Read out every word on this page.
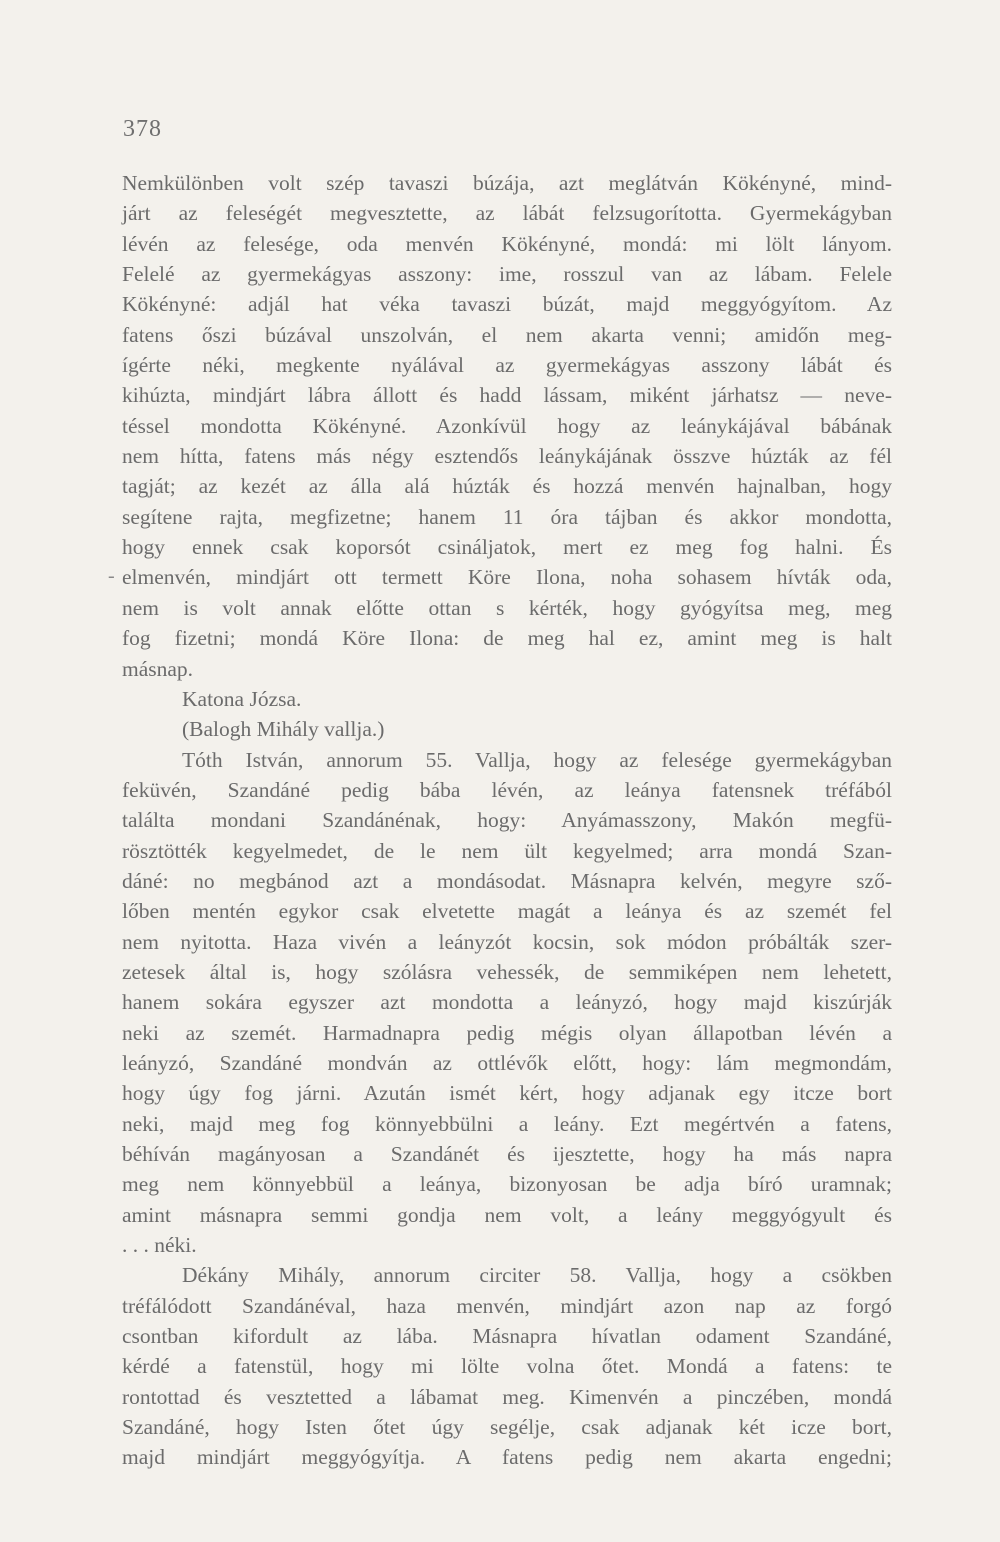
378
-
Nemkülönben volt szép tavaszi búzája, azt meglátván Kökényné, mind-
járt az feleségét megvesztette, az lábát felzsugorította. Gyermekágyban
lévén az felesége, oda menvén Kökényné, mondá: mi lölt lányom.
Felelé az gyermekágyas asszony: ime, rosszul van az lábam. Felele
Kökényné: adjál hat véka tavaszi búzát, majd meggyógyítom. Az
fatens őszi búzával unszolván, el nem akarta venni; amidőn meg-
ígérte néki, megkente nyálával az gyermekágyas asszony lábát és
kihúzta, mindjárt lábra állott és hadd lássam, miként járhatsz — neve-
téssel mondotta Kökényné. Azonkívül hogy az leánykájával bábának
nem hítta, fatens más négy esztendős leánykájának összve húzták az fél
tagját; az kezét az álla alá húzták és hozzá menvén hajnalban, hogy
segítene rajta, megfizetne; hanem 11 óra tájban és akkor mondotta,
hogy ennek csak koporsót csináljatok, mert ez meg fog halni. És
elmenvén, mindjárt ott termett Köre Ilona, noha sohasem hívták oda,
nem is volt annak előtte ottan s kérték, hogy gyógyítsa meg, meg
fog fizetni; mondá Köre Ilona: de meg hal ez, amint meg is halt
másnap.
Katona Józsa.
(Balogh Mihály vallja.)
Tóth István, annorum 55. Vallja, hogy az felesége gyermekágyban
feküvén, Szandáné pedig bába lévén, az leánya fatensnek tréfából
találta mondani Szandánénak, hogy: Anyámasszony, Makón megfü-
rösztötték kegyelmedet, de le nem ült kegyelmed; arra mondá Szan-
dáné: no megbánod azt a mondásodat. Másnapra kelvén, megyre sző-
lőben mentén egykor csak elvetette magát a leánya és az szemét fel
nem nyitotta. Haza vivén a leányzót kocsin, sok módon próbálták szer-
zetesek által is, hogy szólásra vehessék, de semmiképen nem lehetett,
hanem sokára egyszer azt mondotta a leányzó, hogy majd kiszúrják
neki az szemét. Harmadnapra pedig mégis olyan állapotban lévén a
leányzó, Szandáné mondván az ottlévők előtt, hogy: lám megmondám,
hogy úgy fog járni. Azután ismét kért, hogy adjanak egy itcze bort
neki, majd meg fog könnyebbülni a leány. Ezt megértvén a fatens,
béhíván magányosan a Szandánét és ijesztette, hogy ha más napra
meg nem könnyebbül a leánya, bizonyosan be adja bíró uramnak;
amint másnapra semmi gondja nem volt, a leány meggyógyult és
. . . néki.
Dékány Mihály, annorum circiter 58. Vallja, hogy a csökben
tréfálódott Szandánéval, haza menvén, mindjárt azon nap az forgó
csontban kifordult az lába. Másnapra hívatlan odament Szandáné,
kérdé a fatenstül, hogy mi lölte volna őtet. Mondá a fatens: te
rontottad és vesztetted a lábamat meg. Kimenvén a pinczében, mondá
Szandáné, hogy Isten őtet úgy segélje, csak adjanak két icze bort,
majd mindjárt meggyógyítja. A fatens pedig nem akarta engedni;
